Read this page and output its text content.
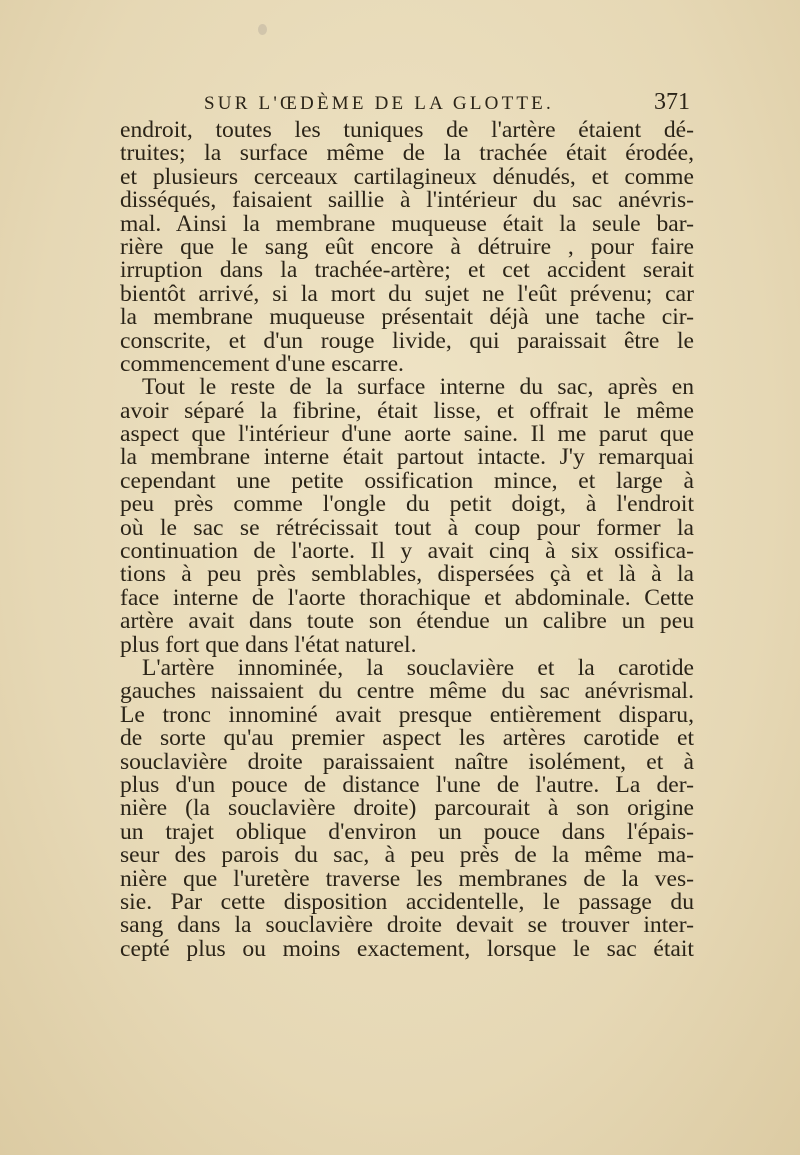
SUR L'ŒDÈME DE LA GLOTTE.	371
endroit, toutes les tuniques de l'artère étaient dé-
truites; la surface même de la trachée était érodée,
et plusieurs cerceaux cartilagineux dénudés, et comme
disséqués, faisaient saillie à l'intérieur du sac anévris-
mal. Ainsi la membrane muqueuse était la seule bar-
rière que le sang eût encore à détruire , pour faire
irruption dans la trachée-artère; et cet accident serait
bientôt arrivé, si la mort du sujet ne l'eût prévenu; car
la membrane muqueuse présentait déjà une tache cir-
conscrite, et d'un rouge livide, qui paraissait être le
commencement d'une escarre.
Tout le reste de la surface interne du sac, après en
avoir séparé la fibrine, était lisse, et offrait le même
aspect que l'intérieur d'une aorte saine. Il me parut que
la membrane interne était partout intacte. J'y remarquai
cependant une petite ossification mince, et large à
peu près comme l'ongle du petit doigt, à l'endroit
où le sac se rétrécissait tout à coup pour former la
continuation de l'aorte. Il y avait cinq à six ossifica-
tions à peu près semblables, dispersées çà et là à la
face interne de l'aorte thorachique et abdominale. Cette
artère avait dans toute son étendue un calibre un peu
plus fort que dans l'état naturel.
L'artère innominée, la souclavière et la carotide
gauches naissaient du centre même du sac anévrismal.
Le tronc innominé avait presque entièrement disparu,
de sorte qu'au premier aspect les artères carotide et
souclavière droite paraissaient naître isolément, et à
plus d'un pouce de distance l'une de l'autre. La der-
nière (la souclavière droite) parcourait à son origine
un trajet oblique d'environ un pouce dans l'épais-
seur des parois du sac, à peu près de la même ma-
nière que l'uretère traverse les membranes de la ves-
sie. Par cette disposition accidentelle, le passage du
sang dans la souclavière droite devait se trouver inter-
cepté plus ou moins exactement, lorsque le sac était
